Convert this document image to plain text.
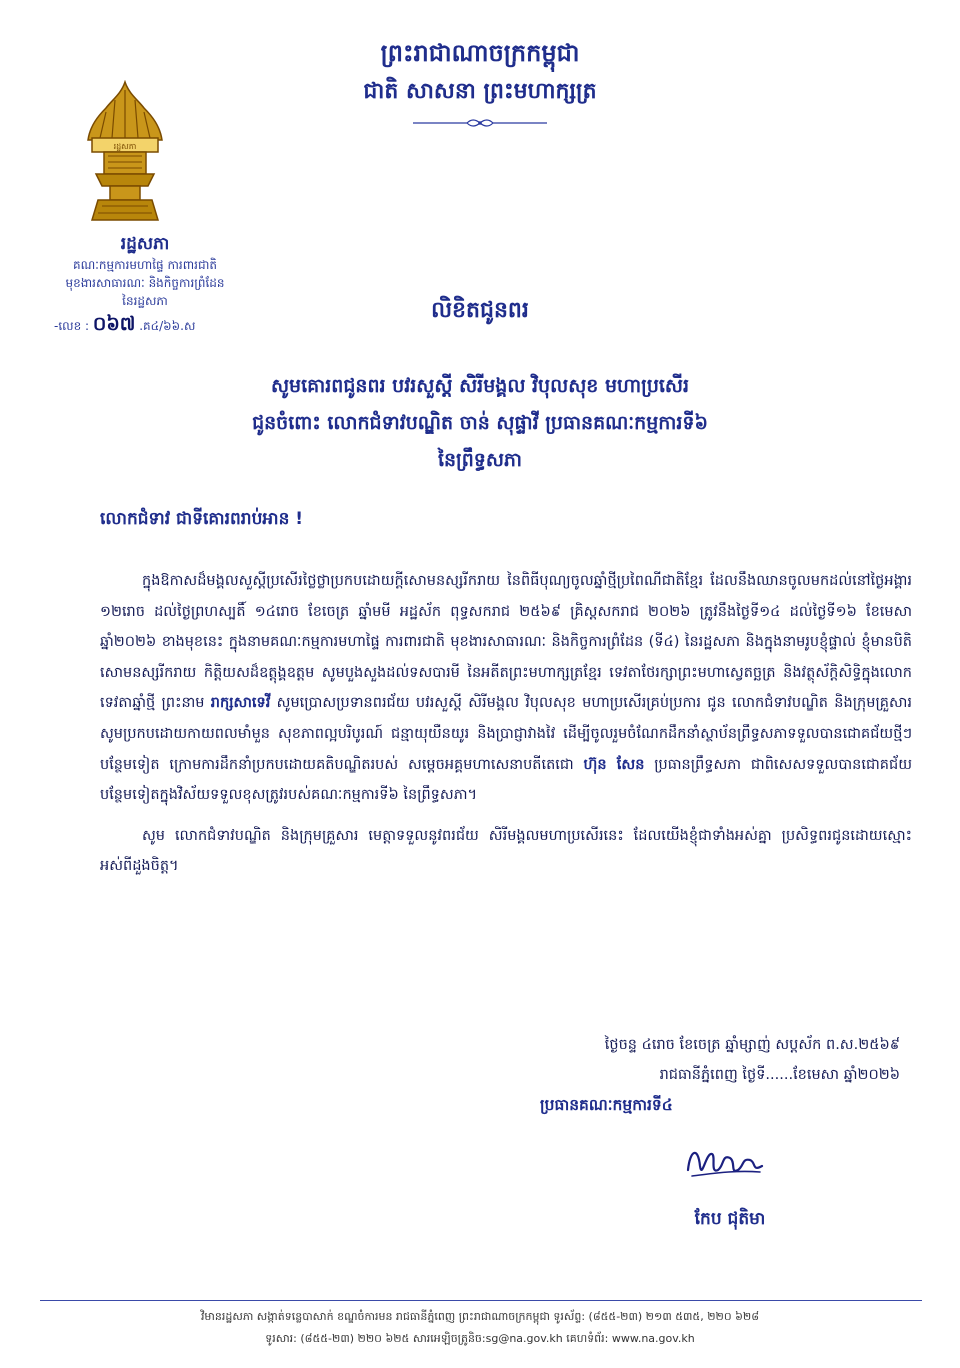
ព្រះរាជាណាចក្រកម្ពុជា
ជាតិ សាសនា ព្រះមហាក្សត្រ
រដ្ឋសភា
រដ្ឋសភា
គណៈកម្មការមហាផ្ទៃ ការពារជាតិ
មុខងារសាធារណៈ និងកិច្ចការព្រំដែន
នៃរដ្ឋសភា
-លេខ : ០៦៧ .គ៤/៦៦.ស
លិខិតជូនពរ
សូមគោរពជូនពរ បវរសួស្តី សិរីមង្គល វិបុលសុខ មហាប្រសើរ
ជូនចំពោះ លោកជំទាវបណ្ឌិត ចាន់ សុផ្ទាវី ប្រធានគណៈកម្មការទី៦
នៃព្រឹទ្ធសភា
លោកជំទាវ ជាទីគោរពរាប់អាន !

ក្នុងឱកាសដ៏មង្គលសួស្តីប្រសើរថ្លៃថ្លាប្រកបដោយក្តីសោមនស្សរីករាយ នៃពិធីបុណ្យចូលឆ្នាំថ្មីប្រពៃណីជាតិខ្មែរ ដែលនឹងឈានចូលមកដល់នៅថ្ងៃអង្គារ ១២រោច ដល់ថ្ងៃព្រហស្បតិ៍ ១៤រោច ខែចេត្រ ឆ្នាំមមី អដ្ឋស័ក ពុទ្ធសករាជ ២៥៦៩ គ្រិស្តសករាជ ២០២៦ ត្រូវនឹងថ្ងៃទី១៤ ដល់ថ្ងៃទី១៦ ខែមេសា ឆ្នាំ២០២៦ ខាងមុខនេះ ក្នុងនាមគណៈកម្មការមហាផ្ទៃ ការពារជាតិ មុខងារសាធារណៈ និងកិច្ចការព្រំដែន (ទី៤) នៃរដ្ឋសភា និងក្នុងនាមរូបខ្ញុំផ្ទាល់ ខ្ញុំមានបិតិសោមនស្សរីករាយ កិត្តិយសដ៏ឧត្តុង្គឧត្តម សូមបួងសួងដល់ទសបារមី នៃអតីតព្រះមហាក្សត្រខ្មែរ ទេវតាថែរក្សាព្រះមហាស្វេតច្ឆត្រ និងវត្ថុស័ក្តិសិទ្ធិក្នុងលោក ទេវតាឆ្នាំថ្មី ព្រះនាម រាក្សសាទេវី សូមប្រោសប្រទានពរជ័យ បវរសួស្តី សិរីមង្គល វិបុលសុខ មហាប្រសើរគ្រប់ប្រការ ជូន លោកជំទាវបណ្ឌិត និងក្រុមគ្រួសារ សូមប្រកបដោយកាយពលមាំមួន សុខភាពល្អបរិបូរណ៍ ជន្មាយុយឺនយូរ និងប្រាជ្ញាវាងវៃ ដើម្បីចូលរួមចំណែកដឹកនាំស្ថាប័នព្រឹទ្ធសភាទទួលបានជោគជ័យថ្មីៗបន្ថែមទៀត ក្រោមការដឹកនាំប្រកបដោយគតិបណ្ឌិតរបស់ សម្តេចអគ្គមហាសេនាបតីតេជោ ហ៊ុន សែន ប្រធានព្រឹទ្ធសភា ជាពិសេសទទួលបានជោគជ័យបន្ថែមទៀតក្នុងវិស័យទទួលខុសត្រូវរបស់គណៈកម្មការទី៦ នៃព្រឹទ្ធសភា។

សូម លោកជំទាវបណ្ឌិត និងក្រុមគ្រួសារ មេត្តាទទួលនូវពរជ័យ សិរីមង្គលមហាប្រសើរនេះ ដែលយើងខ្ញុំជាទាំងអស់គ្នា ប្រសិទ្ធពរជូនដោយស្មោះអស់ពីដួងចិត្ត។

ថ្ងៃចន្ទ ៤រោច ខែចេត្រ ឆ្នាំម្សាញ់ សប្តស័ក ព.ស.២៥៦៩
រាជធានីភ្នំពេញ ថ្ងៃទី......ខែមេសា ឆ្នាំ២០២៦
ប្រធានគណៈកម្មការទី៤
កែប ជុតិមា
វិមានរដ្ឋសភា សង្កាត់ទន្លេបាសាក់ ខណ្ឌចំការមន រាជធានីភ្នំពេញ ព្រះរាជាណាចក្រកម្ពុជា ទូរស័ព្ទ: (៨៥៥-២៣) ២១៣ ៥៣៥, ២២០ ៦២៨
ទូរសារ: (៨៥៥-២៣) ២២០ ៦២៥ សារអេឡិចត្រូនិច:sg@na.gov.kh គេហទំព័រ: www.na.gov.kh
